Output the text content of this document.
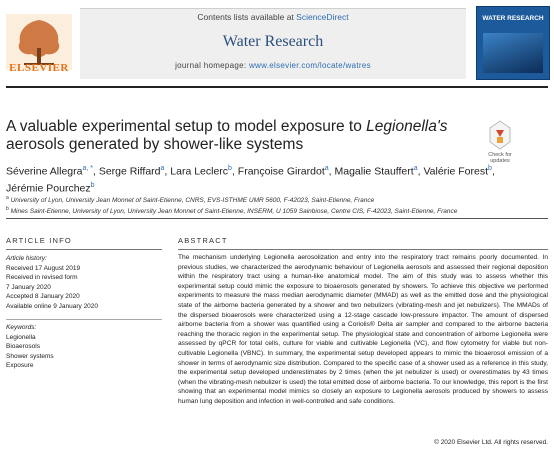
ELSEVIER
Contents lists available at ScienceDirect
Water Research
journal homepage: www.elsevier.com/locate/watres
WATER RESEARCH
A valuable experimental setup to model exposure to Legionella's
aerosols generated by shower-like systems
Check for updates
Séverine Allegra$^{a, *}$, Serge Riffard$^a$, Lara Leclerc$^b$, Françoise Girardot$^a$, Magalie Stauffert$^a$, Valérie Forest$^b$, Jérémie Pourchez$^b$
$^a$ University of Lyon, University Jean Monnet of Saint-Etienne, CNRS, EVS-ISTHME UMR 5600, F-42023, Saint-Etienne, France
$^b$ Mines Saint-Etienne, University of Lyon, University Jean Monnet of Saint-Etienne, INSERM, U 1059 Sainbiose, Centre CIS, F-42023, Saint-Etienne, France
ARTICLE INFO
Article history:
Received 17 August 2019
Received in revised form
7 January 2020
Accepted 8 January 2020
Available online 9 January 2020
Keywords:
Legionella
Bioaerosols
Shower systems
Exposure
ABSTRACT
The mechanism underlying Legionella aerosolization and entry into the respiratory tract remains poorly documented. In previous studies, we characterized the aerodynamic behaviour of Legionella aerosols and assessed their regional deposition within the respiratory tract using a human-like anatomical model. The aim of this study was to assess whether this experimental setup could mimic the exposure to bioaerosols generated by showers. To achieve this objective we performed experiments to measure the mass median aerodynamic diameter (MMAD) as well as the emitted dose and the physiological state of the airborne bacteria generated by a shower and two nebulizers (vibrating-mesh and jet nebulizers). The MMADs of the dispersed bioaerosols were characterized using a 12-stage cascade low-pressure impactor. The amount of dispersed airborne bacteria from a shower was quantified using a Coriolis® Delta air sampler and compared to the airborne bacteria reaching the thoracic region in the experimental setup. The physiological state and concentration of airborne Legionella were assessed by qPCR for total cells, culture for viable and cultivable Legionella (VC), and flow cytometry for viable but non-cultivable Legionella (VBNC). In summary, the experimental setup developed appears to mimic the bioaerosol emission of a shower in terms of aerodynamic size distribution. Compared to the specific case of a shower used as a reference in this study, the experimental setup developed underestimates by 2 times (when the jet nebulizer is used) or overestimates by 43 times (when the vibrating-mesh nebulizer is used) the total emitted dose of airborne bacteria. To our knowledge, this report is the first showing that an experimental model mimics so closely an exposure to Legionella aerosols produced by showers to assess human lung deposition and infection in well-controlled and safe conditions.
© 2020 Elsevier Ltd. All rights reserved.
